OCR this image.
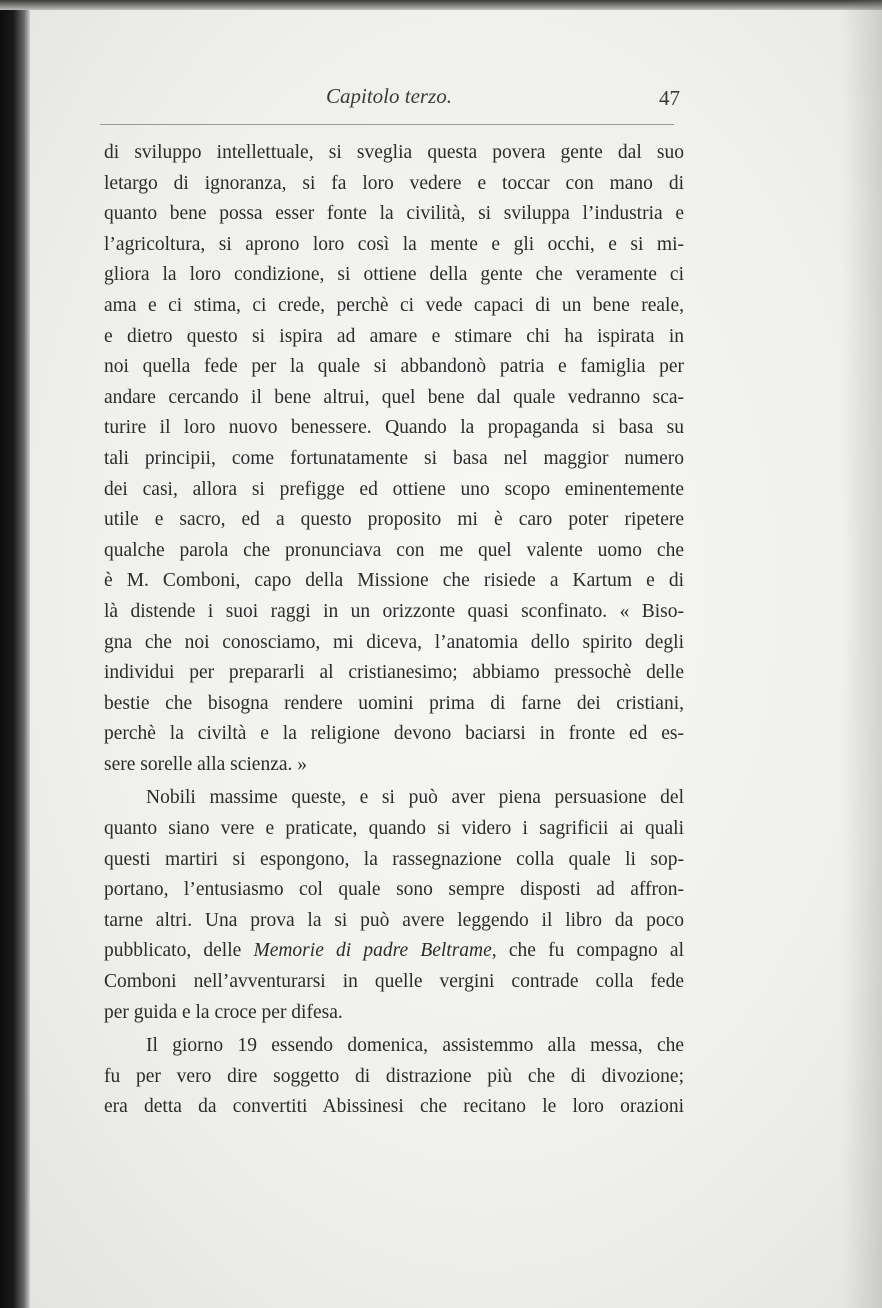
Capitolo terzo.	47
di sviluppo intellettuale, si sveglia questa povera gente dal suo
letargo di ignoranza, si fa loro vedere e toccar con mano di
quanto bene possa esser fonte la civilità, si sviluppa l’industria e
l’agricoltura, si aprono loro così la mente e gli occhi, e si mi-
gliora la loro condizione, si ottiene della gente che veramente ci
ama e ci stima, ci crede, perchè ci vede capaci di un bene reale,
e dietro questo si ispira ad amare e stimare chi ha ispirata in
noi quella fede per la quale si abbandonò patria e famiglia per
andare cercando il bene altrui, quel bene dal quale vedranno sca-
turire il loro nuovo benessere. Quando la propaganda si basa su
tali principii, come fortunatamente si basa nel maggior numero
dei casi, allora si prefigge ed ottiene uno scopo eminentemente
utile e sacro, ed a questo proposito mi è caro poter ripetere
qualche parola che pronunciava con me quel valente uomo che
è M. Comboni, capo della Missione che risiede a Kartum e di
là distende i suoi raggi in un orizzonte quasi sconfinato. « Biso-
gna che noi conosciamo, mi diceva, l’anatomia dello spirito degli
individui per prepararli al cristianesimo; abbiamo pressochè delle
bestie che bisogna rendere uomini prima di farne dei cristiani,
perchè la civiltà e la religione devono baciarsi in fronte ed es-
sere sorelle alla scienza. »
Nobili massime queste, e si può aver piena persuasione del
quanto siano vere e praticate, quando si videro i sagrificii ai quali
questi martiri si espongono, la rassegnazione colla quale li sop-
portano, l’entusiasmo col quale sono sempre disposti ad affron-
tarne altri. Una prova la si può avere leggendo il libro da poco
pubblicato, delle Memorie di padre Beltrame, che fu compagno al
Comboni nell’avventurarsi in quelle vergini contrade colla fede
per guida e la croce per difesa.
Il giorno 19 essendo domenica, assistemmo alla messa, che
fu per vero dire soggetto di distrazione più che di divozione;
era detta da convertiti Abissinesi che recitano le loro orazioni
